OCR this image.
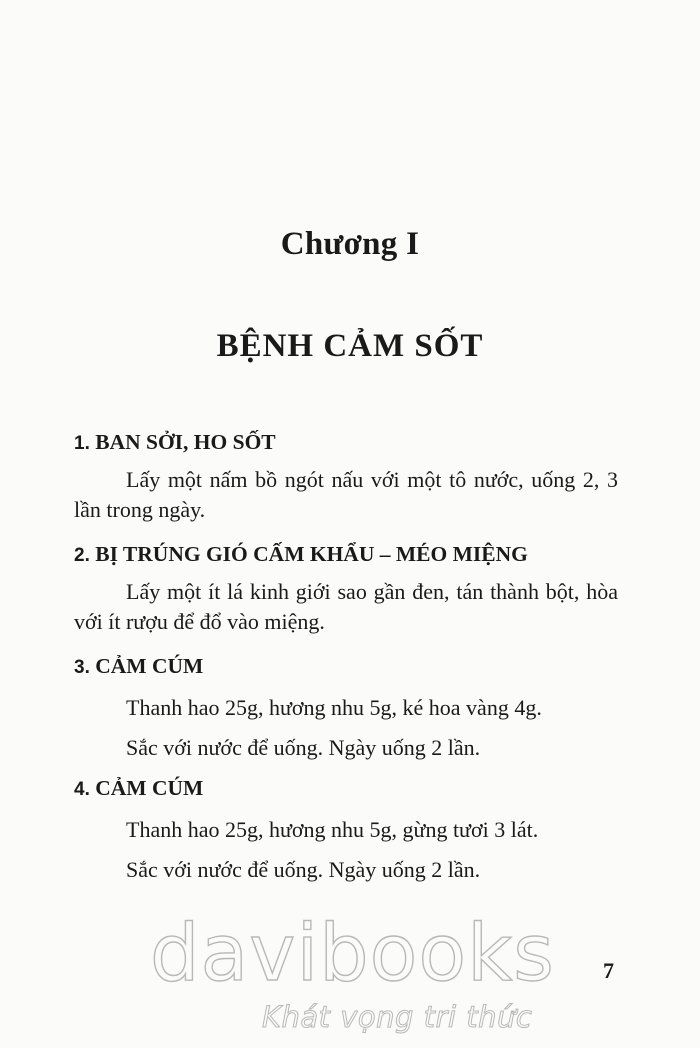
Chương I
BỆNH CẢM SỐT

1. BAN SỞI, HO SỐT

Lấy một nấm bồ ngót nấu với một tô nước, uống 2, 3 lần trong ngày.

2. BỊ TRÚNG GIÓ CẤM KHẨU – MÉO MIỆNG

Lấy một ít lá kinh giới sao gần đen, tán thành bột, hòa với ít rượu để đổ vào miệng.

3. CẢM CÚM

Thanh hao 25g, hương nhu 5g, ké hoa vàng 4g.

Sắc với nước để uống. Ngày uống 2 lần.

4. CẢM CÚM

Thanh hao 25g, hương nhu 5g, gừng tươi 3 lát.

Sắc với nước để uống. Ngày uống 2 lần.

davibooks
Khát vọng tri thức
7
